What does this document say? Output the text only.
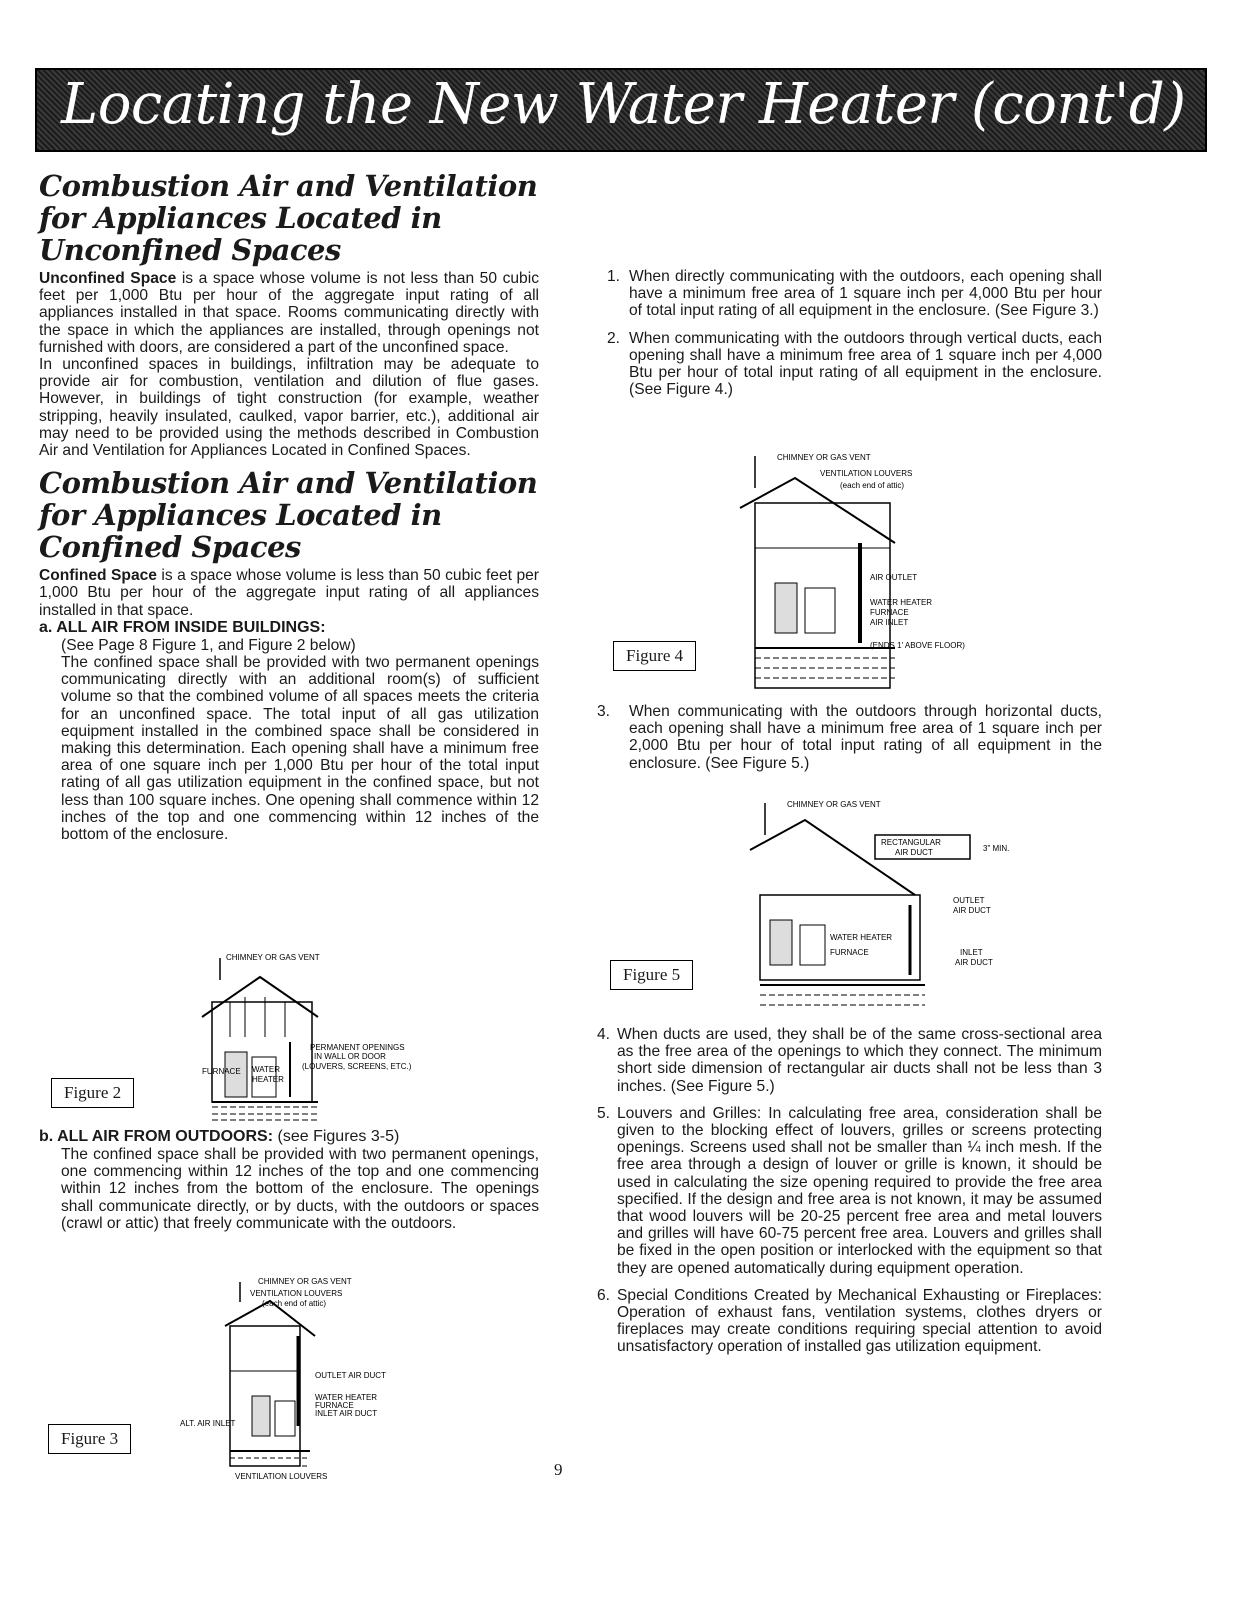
Locating the New Water Heater (cont'd)
Combustion Air and Ventilation
for Appliances Located in
Unconfined Spaces

Unconfined Space is a space whose volume is not less than 50 cubic feet per 1,000 Btu per hour of the aggregate input rating of all appliances installed in that space. Rooms communicating directly with the space in which the appliances are installed, through openings not furnished with doors, are considered a part of the unconfined space.

In unconfined spaces in buildings, infiltration may be adequate to provide air for combustion, ventilation and dilution of flue gases. However, in buildings of tight construction (for example, weather stripping, heavily insulated, caulked, vapor barrier, etc.), additional air may need to be provided using the methods described in Combustion Air and Ventilation for Appliances Located in Confined Spaces.

Combustion Air and Ventilation
for Appliances Located in
Confined Spaces

Confined Space is a space whose volume is less than 50 cubic feet per 1,000 Btu per hour of the aggregate input rating of all appliances installed in that space.

a. ALL AIR FROM INSIDE BUILDINGS:

(See Page 8 Figure 1, and Figure 2 below)

The confined space shall be provided with two permanent openings communicating directly with an additional room(s) of sufficient volume so that the combined volume of all spaces meets the criteria for an unconfined space. The total input of all gas utilization equipment installed in the combined space shall be considered in making this determination. Each opening shall have a minimum free area of one square inch per 1,000 Btu per hour of the total input rating of all gas utilization equipment in the confined space, but not less than 100 square inches. One opening shall commence within 12 inches of the top and one commencing within 12 inches of the bottom of the enclosure.

CHIMNEY OR GAS VENT
PERMANENT OPENINGS
IN WALL OR DOOR
(LOUVERS, SCREENS, ETC.)
FURNACE WATER
HEATER
Figure 2

b. ALL AIR FROM OUTDOORS: (see Figures 3-5)

The confined space shall be provided with two permanent openings, one commencing within 12 inches of the top and one commencing within 12 inches from the bottom of the enclosure. The openings shall communicate directly, or by ducts, with the outdoors or spaces (crawl or attic) that freely communicate with the outdoors.

CHIMNEY OR GAS VENT
VENTILATION LOUVERS
(each end of attic)
OUTLET AIR DUCT
WATER HEATER
FURNACE
INLET AIR DUCT
ALT. AIR INLET
VENTILATION LOUVERS
Figure 3
1. When directly communicating with the outdoors, each opening shall have a minimum free area of 1 square inch per 4,000 Btu per hour of total input rating of all equipment in the enclosure. (See Figure 3.)
2. When communicating with the outdoors through vertical ducts, each opening shall have a minimum free area of 1 square inch per 4,000 Btu per hour of total input rating of all equipment in the enclosure. (See Figure 4.)
CHIMNEY OR GAS VENT
VENTILATION LOUVERS
(each end of attic)
AIR OUTLET
WATER HEATER
FURNACE
AIR INLET
(ENDS 1' ABOVE FLOOR)
Figure 4
3.	When communicating with the outdoors through horizontal ducts, each opening shall have a minimum free area of 1 square inch per 2,000 Btu per hour of total input rating of all equipment in the enclosure. (See Figure 5.)
CHIMNEY OR GAS VENT
RECTANGULAR
AIR DUCT	3" MIN.
OUTLET
AIR DUCT
WATER HEATER
FURNACE	INLET
AIR DUCT
Figure 5
4. When ducts are used, they shall be of the same cross-sectional area as the free area of the openings to which they connect. The minimum short side dimension of rectangular air ducts shall not be less than 3 inches. (See Figure 5.)
5. Louvers and Grilles: In calculating free area, consideration shall be given to the blocking effect of louvers, grilles or screens protecting openings. Screens used shall not be smaller than ¼ inch mesh. If the free area through a design of louver or grille is known, it should be used in calculating the size opening required to provide the free area specified. If the design and free area is not known, it may be assumed that wood louvers will be 20-25 percent free area and metal louvers and grilles will have 60-75 percent free area. Louvers and grilles shall be fixed in the open position or interlocked with the equipment so that they are opened automatically during equipment operation.
6. Special Conditions Created by Mechanical Exhausting or Fireplaces: Operation of exhaust fans, ventilation systems, clothes dryers or fireplaces may create conditions requiring special attention to avoid unsatisfactory operation of installed gas utilization equipment.
9
